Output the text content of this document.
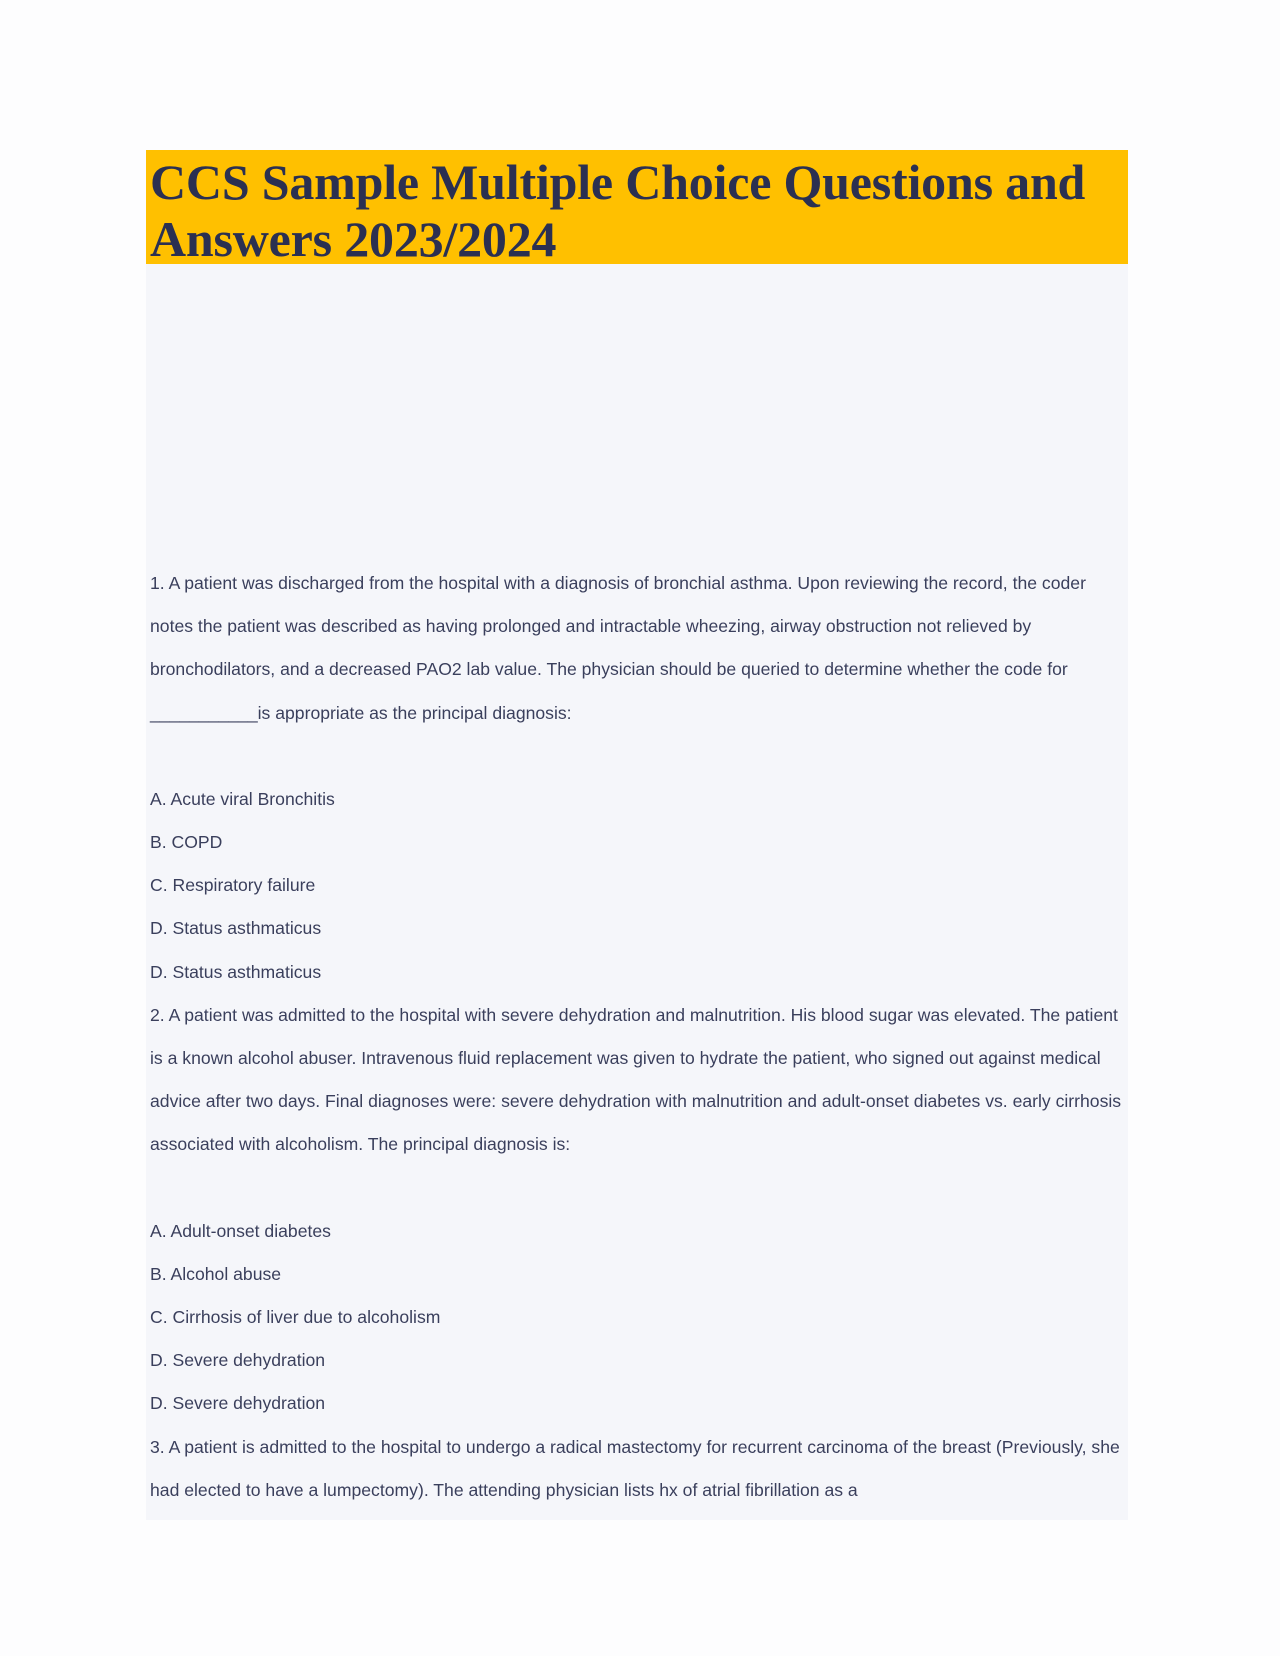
CCS Sample Multiple Choice Questions and Answers 2023/2024

1. A patient was discharged from the hospital with a diagnosis of bronchial asthma. Upon reviewing the record, the coder notes the patient was described as having prolonged and intractable wheezing, airway obstruction not relieved by bronchodilators, and a decreased PAO2 lab value. The physician should be queried to determine whether the code for ___________is appropriate as the principal diagnosis:

A. Acute viral Bronchitis

B. COPD

C. Respiratory failure

D. Status asthmaticus

D. Status asthmaticus

2. A patient was admitted to the hospital with severe dehydration and malnutrition. His blood sugar was elevated. The patient is a known alcohol abuser. Intravenous fluid replacement was given to hydrate the patient, who signed out against medical advice after two days. Final diagnoses were: severe dehydration with malnutrition and adult-onset diabetes vs. early cirrhosis associated with alcoholism. The principal diagnosis is:

A. Adult-onset diabetes

B. Alcohol abuse

C. Cirrhosis of liver due to alcoholism

D. Severe dehydration

D. Severe dehydration

3. A patient is admitted to the hospital to undergo a radical mastectomy for recurrent carcinoma of the breast (Previously, she had elected to have a lumpectomy). The attending physician lists hx of atrial fibrillation as a
